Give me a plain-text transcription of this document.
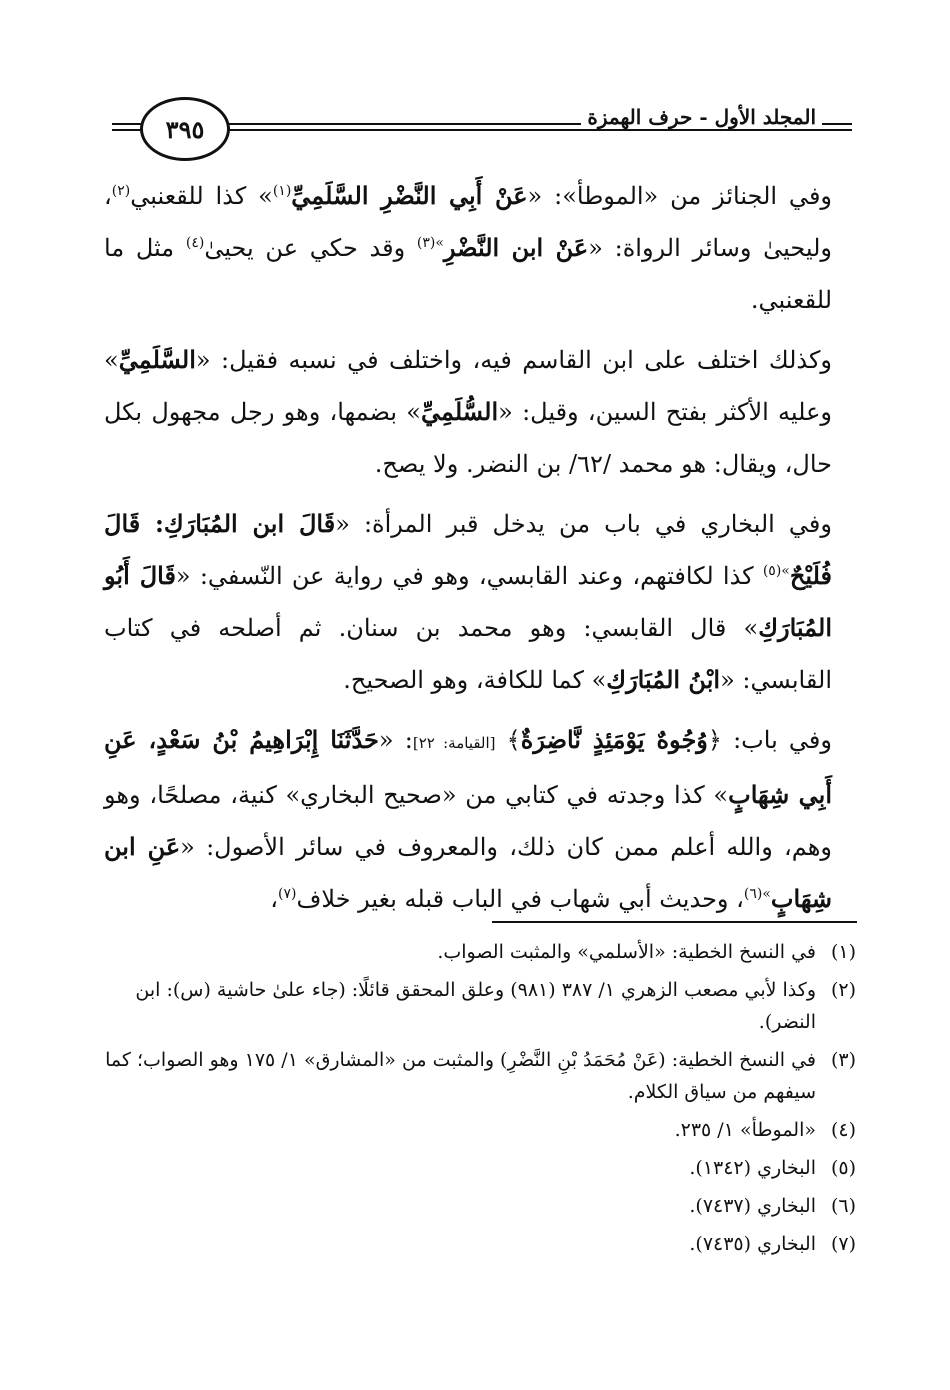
المجلد الأول - حرف الهمزة
٣٩٥

وفي الجنائز من «الموطأ»: «عَنْ أَبِي النَّضْرِ السَّلَمِيِّ$^{(١)}$» كذا للقعنبي$^{(٢)}$، وليحيىٰ وسائر الرواة: «عَنْ ابن النَّضْرِ$^{»(٣)}$ وقد حكي عن يحيىٰ$^{(٤)}$ مثل ما للقعنبي.

وكذلك اختلف على ابن القاسم فيه، واختلف في نسبه فقيل: «السَّلَمِيِّ» وعليه الأكثر بفتح السين، وقيل: «السُّلَمِيِّ» بضمها، وهو رجل مجهول بكل حال، ويقال: هو محمد /٦٢/ بن النضر. ولا يصح.

وفي البخاري في باب من يدخل قبر المرأة: «قَالَ ابن المُبَارَكِ: قَالَ فُلَيْحٌ$^{»(٥)}$ كذا لكافتهم، وعند القابسي، وهو في رواية عن النّسفي: «قَالَ أَبُو المُبَارَكِ» قال القابسي: وهو محمد بن سنان. ثم أصلحه في كتاب القابسي: «ابْنُ المُبَارَكِ» كما للكافة، وهو الصحيح.

وفي باب: ﴿وُجُوهٌ يَوْمَئِذٍ نَّاضِرَةٌ﴾ [القيامة: ٢٢]: «حَدَّثَنَا إِبْرَاهِيمُ بْنُ سَعْدٍ، عَنِ أَبِي شِهَابٍ» كذا وجدته في كتابي من «صحيح البخاري» كنية، مصلحًا، وهو وهم، والله أعلم ممن كان ذلك، والمعروف في سائر الأصول: «عَنِ ابن شِهَابٍ$^{»(٦)}$، وحديث أبي شهاب في الباب قبله بغير خلاف$^{(٧)}$،

(١)
في النسخ الخطية: «الأسلمي» والمثبت الصواب.
(٢)
وكذا لأبي مصعب الزهري ١/ ٣٨٧ (٩٨١) وعلق المحقق قائلًا: (جاء علىٰ حاشية (س): ابن النضر).
(٣)
في النسخ الخطية: (عَنْ مُحَمَدُ بْنِ النَّضْرِ) والمثبت من «المشارق» ١/ ١٧٥ وهو الصواب؛ كما سيفهم من سياق الكلام.
(٤)
«الموطأ» ١/ ٢٣٥.
(٥)
البخاري (١٣٤٢).
(٦)
البخاري (٧٤٣٧).
(٧)
البخاري (٧٤٣٥).
